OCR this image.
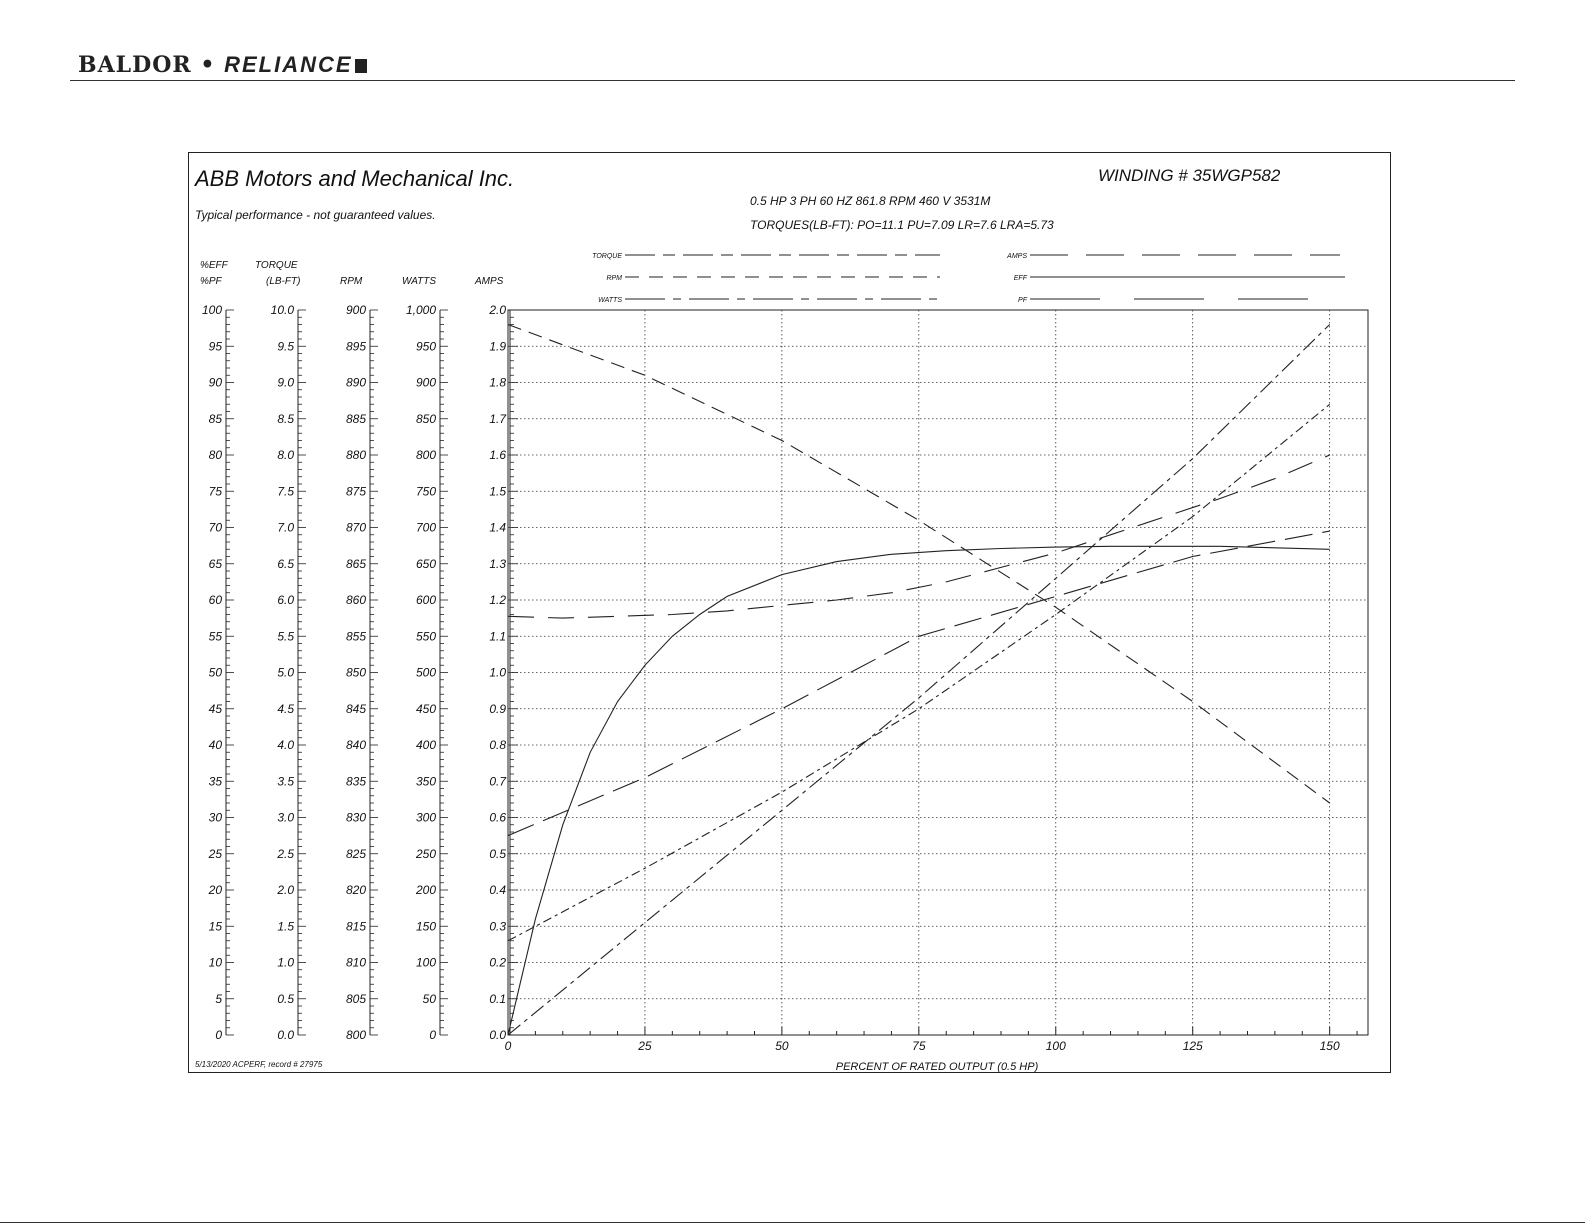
BALDOR • RELIANCE
ABB Motors and Mechanical Inc.
Typical performance - not guaranteed values.
WINDING # 35WGP582
0.5 HP 3 PH 60 HZ 861.8 RPM 460 V 3531M
TORQUES(LB-FT): PO=11.1 PU=7.09 LR=7.6 LRA=5.73
5/13/2020 ACPERF, record # 27975	PERCENT OF RATED OUTPUT (0.5 HP)
0
5
10
15
20
25
30
35
40
45
50
55
60
65
70
75
80
85
90
95
100
%EFF
%PF
0.0
0.5
1.0
1.5
2.0
2.5
3.0
3.5
4.0
4.5
5.0
5.5
6.0
6.5
7.0
7.5
8.0
8.5
9.0
9.5
10.0
TORQUE
(LB-FT)
800
805
810
815
820
825
830
835
840
845
850
855
860
865
870
875
880
885
890
895
900
RPM
0
50
100
150
200
250
300
350
400
450
500
550
600
650
700
750
800
850
900
950
1,000
WATTS
0.0
0.1
0.2
0.3
0.4
0.5
0.6
0.7
0.8
0.9
1.0
1.1
1.2
1.3
1.4
1.5
1.6
1.7
1.8
1.9
2.0
AMPS
0	25	50	75	100	125	150
TORQUE
RPM
WATTS
AMPS
EFF
PF
